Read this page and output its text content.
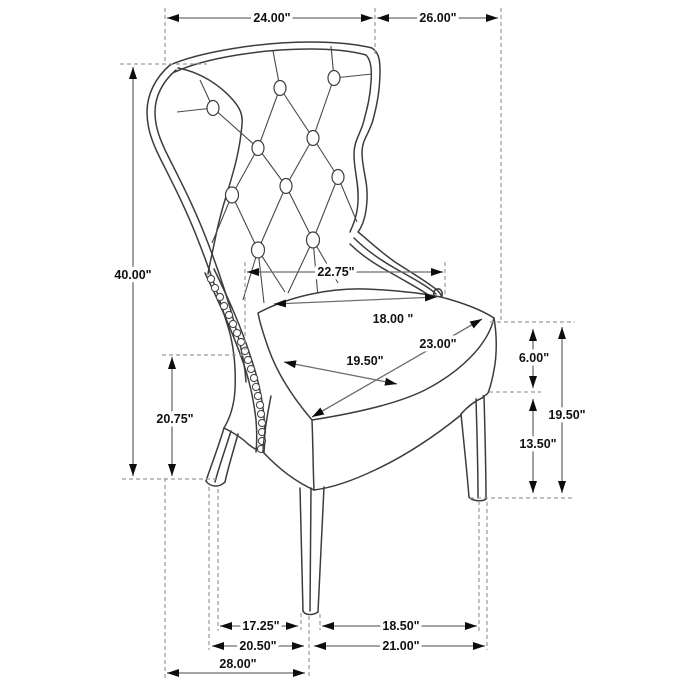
24.00"	26.00"
40.00"
20.75"
22.75"
18.00 "
19.50"
23.00"
6.00"
13.50"
19.50"
17.25"	18.50"
20.50"	21.00"
28.00"
